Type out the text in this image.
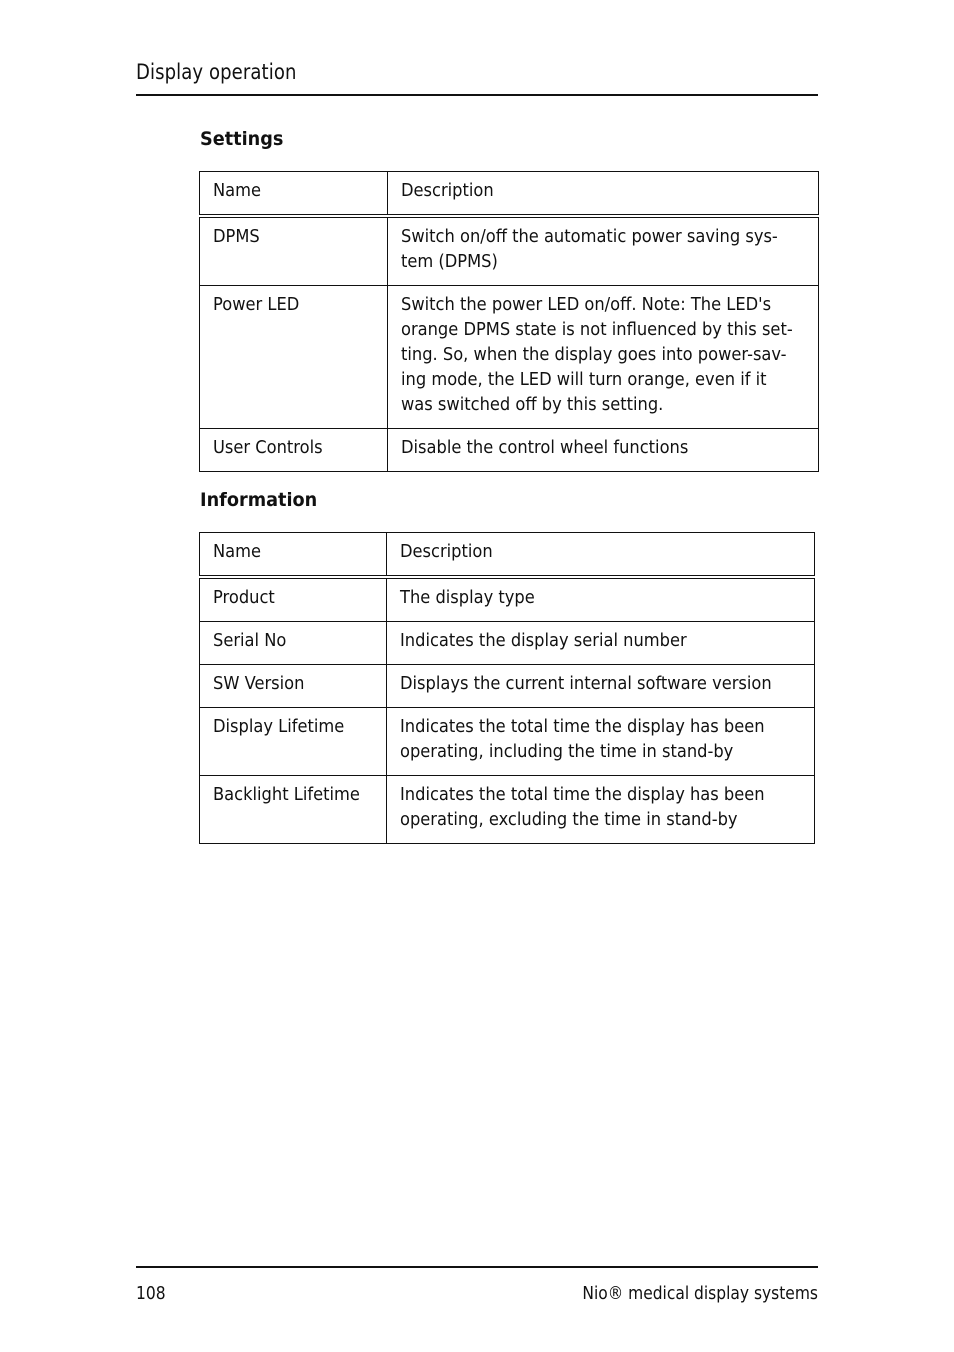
Display operation
Settings
Name	Description

DPMS	Switch on/off the automatic power saving sys-
tem (DPMS)

Power LED	Switch the power LED on/off. Note: The LED's
orange DPMS state is not influenced by this set-
ting. So, when the display goes into power-sav-
ing mode, the LED will turn orange, even if it
was switched off by this setting.

User Controls	Disable the control wheel functions
Information
Name	Description

Product	The display type

Serial No	Indicates the display serial number

SW Version	Displays the current internal software version

Display Lifetime	Indicates the total time the display has been operating, including the time in stand-by

Backlight Lifetime	Indicates the total time the display has been operating, excluding the time in stand-by
108	Nio® medical display systems
